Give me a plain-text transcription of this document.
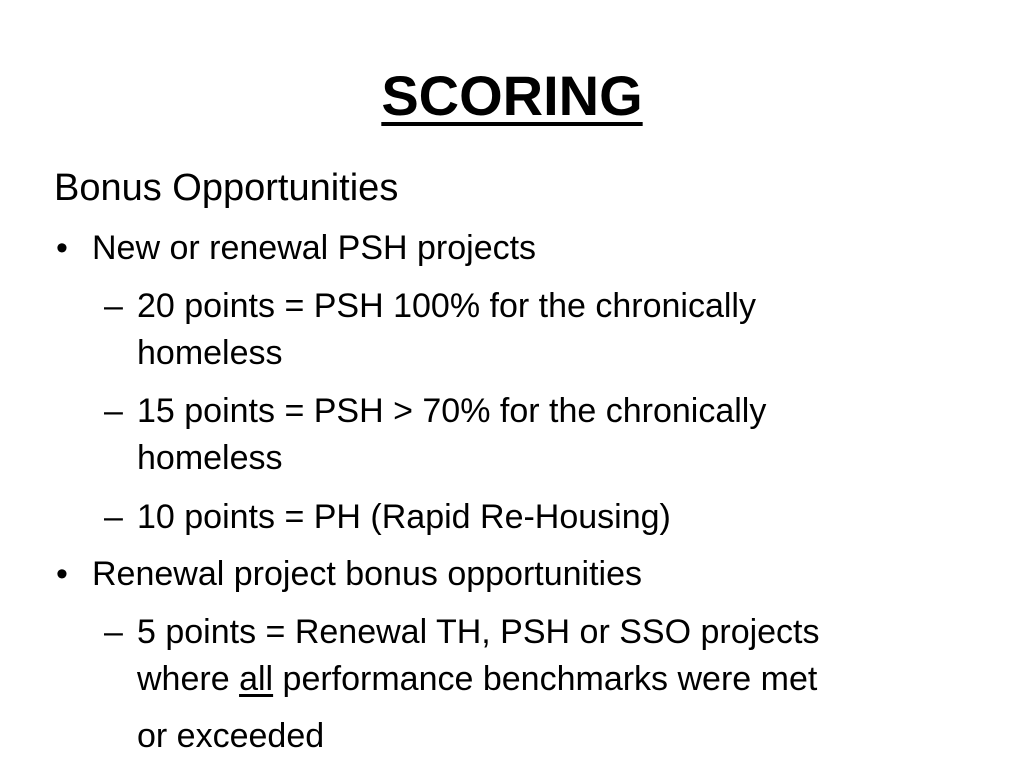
SCORING
Bonus Opportunities
• New or renewal PSH projects
– 20 points = PSH 100% for the chronically
homeless
– 15 points = PSH > 70% for the chronically
homeless
– 10 points = PH (Rapid Re-Housing)
• Renewal project bonus opportunities
– 5 points = Renewal TH, PSH or SSO projects
where all performance benchmarks were met
or exceeded
